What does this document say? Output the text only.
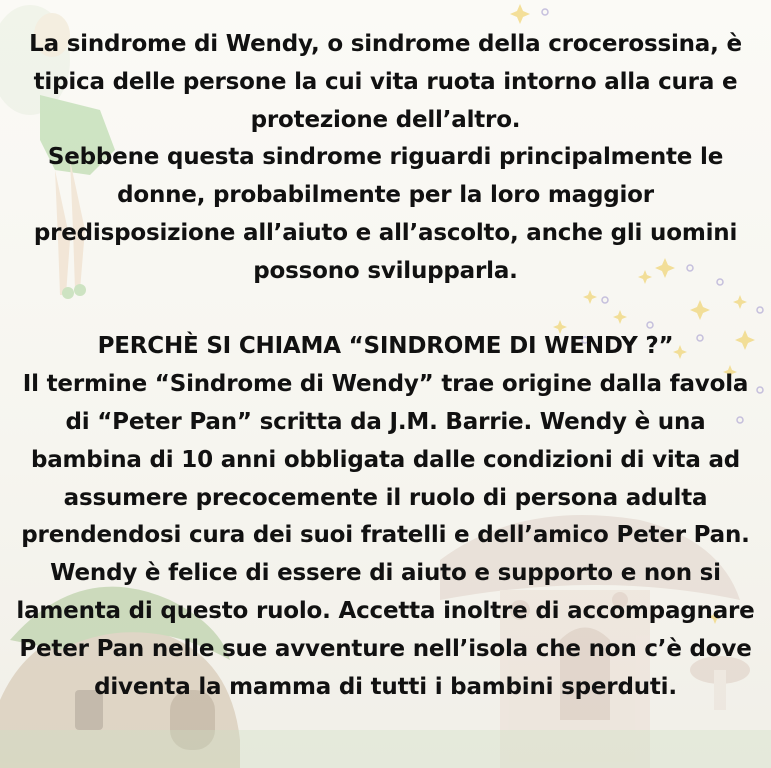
La sindrome di Wendy, o sindrome della crocerossina, è tipica delle persone la cui vita ruota intorno alla cura e protezione dell’altro.

Sebbene questa sindrome riguardi principalmente le donne, probabilmente per la loro maggior predisposizione all’aiuto e all’ascolto, anche gli uomini possono svilupparla.

PERCHÈ SI CHIAMA “SINDROME DI WENDY ?”

Il termine “Sindrome di Wendy” trae origine dalla favola di “Peter Pan” scritta da J.M. Barrie. Wendy è una bambina di 10 anni obbligata dalle condizioni di vita ad assumere precocemente il ruolo di persona adulta prendendosi cura dei suoi fratelli e dell’amico Peter Pan. Wendy è felice di essere di aiuto e supporto e non si lamenta di questo ruolo. Accetta inoltre di accompagnare Peter Pan nelle sue avventure nell’isola che non c’è dove diventa la mamma di tutti i bambini sperduti.
